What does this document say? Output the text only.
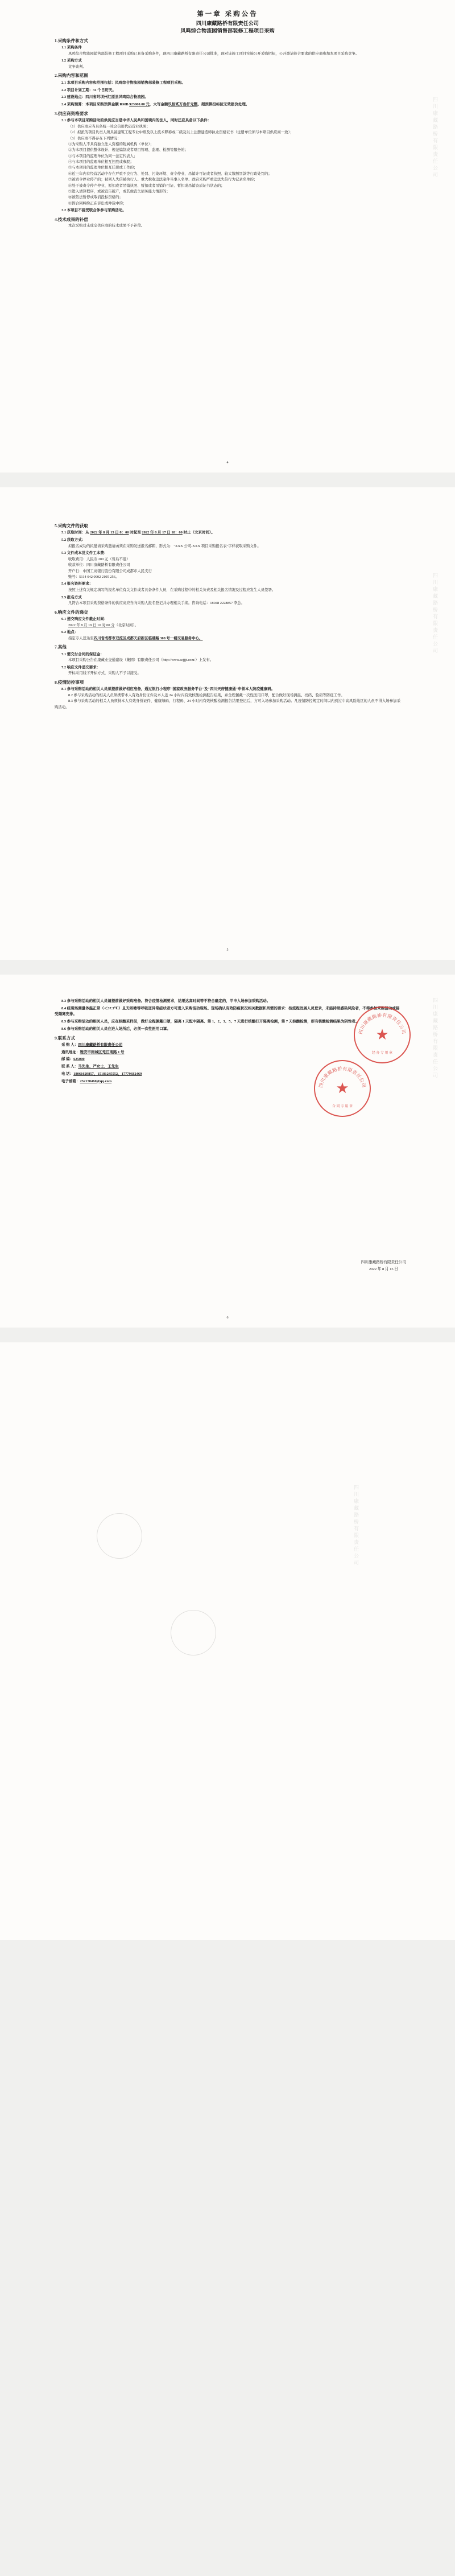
四川康藏路桥有限责任公司
第一章 采购公告
四川康藏路桥有限责任公司
风鸣综合物流园销售部装修工程项目采购
1.采购条件和方式
1.1 采购条件

风鸣综合物流园销售部装修工程项目采购已具备采购条件，现四川康藏路桥有限责任公司批准，现对该施工项目实施公开采购招标，公开邀请符合要求的供应商参加本项目采购竞争。

1.2 采购方式

竞争谈判。

2.采购内容和范围
2.1 本项目采购内容和范围包括：风鸣综合物流园销售部装修工程项目采购。
2.2 项目计划工期：31 个日历天。
2.3 建设地点：四川省阿坝州红原县风鸣综合物流园。
2.4 采购预算：本项目采购预算金额 RMB 923000.00 元，大写金额玖拾贰万叁仟元整。超预算投标按无效报价处理。
3.供应商资格要求
3.1 参与本项目采购活动的供货应当是中华人民共和国境内的法人，同时还应具备以下条件：

（1）供应商应当具备统一社会信用代码营业执照；

（2）拟派的项目负责人须具备建筑工程专业中级及以上技术职称或二级及以上注册建造师执业资格证书（注册单位须与本项目供应商一致）；

（3）供应商不得存在下列情况：

①为采购人不具有独立法人资格的附属机构（单位）；

②为本项目提供整体设计、规范编制或者项目管理、监理、检测等服务的；

③与本项目的监理单位为同一法定代表人；

④与本项目的监理单位相互控股或参股；

⑤与本项目的监理单位相互任职或工作的；

⑥近三年内有经营活动中存在严重不良行为、处罚、污染环境、责令停业、吊销许可证或者执照、较大数额罚款等行政处罚的；

⑦被责令停业停产的；被列入失信被执行人、重大税收违法案件当事人名单、政府采购严重违法失信行为记录名单的；

⑧处于被责令停产停业、暂扣或者吊销执照、暂扣或者吊销许可证、暂扣或吊销资质证书状态的；

⑨进入清算程序，或被宣告破产，或其他丧失债务能力情形的；

⑩被依法暂停或取消投标资格的；

⑪因合同纠纷正在诉讼或仲裁中的；

3.2 本项目不接受联合体参与采购活动。
4.技术成果的补偿

本次采购对未成交供应商的技术成果不予补偿。

4
四川康藏路桥有限责任公司
5.采购文件的获取
5.1 获取时间：从 2022 年 8 月 15 日 8：00 时起至 2022 年 8 月 17 日 18：00 时止（北京时间）。
5.2 获取方式：

拟报名成功的拟邀请采购邀请函须在采购发送报名邮箱，形式为："XXX 公司-XXX 项目采购报名表"字样获取采购文件。

5.3 文件成本及文件工本费：

收取费用：人民币 200 元（售后不退）

收款单位：四川康藏路桥有限责任公司

开户行：中国工商银行股份有限公司成都市人民支行

账号：5114 042 0902 2105 256。

5.4 报名资料要求：

按照上述有关规定填写的报名单位有关文件或者具备条件人员，在采购过程中的相关负责及相关报名情况及过程应发生人员签署。

5.5 报名方式

凡符合本项目采购资格条件的供应商应当向采购人报名登记并办理相关手续。咨询电话：18048 2228857 李总。

6.响应文件的递交
6.1 递交响应文件截止时间：

2022 年 8 月 19 日 10 时 00 分（北京时间）。

6.2 地点：

指定专人送达至四川省成都市双流区成都天府新区临港路 308 号一楼交易服务中心。

7.其他
7.1 需交付合同的保证金：

本项目采购公告在康藏业交通建设（集团）有限责任公司（http://www.scjjjt.com/）上发布。

7.2 响应文件递交要求：

开标采用线下开标方式，采购人不予以接受。

8.疫情防控事项
8.1 参与采购活动的相关人员须提前做好相应准备，通过银行小程序"国家政务服务平台"及"四川天府健康通"申领本人防疫健康码。

8.2 参与采购活动的相关人员须携带本人有效身份证件及本人近 24 小时内有效核酸检测报告结果，并全程佩戴一次性医用口罩，配合做好现场测温、亮码、验码等防疫工作。

8.3 参与采购活动的相关人员须持本人有效身份证件、健康绿码、行程码、24 小时内有效核酸检测报告结果登记后，方可入场参加采购活动。凡疫情防控规定时间以内到过中高风险地区的人员不得入场参加采购活动。

5
四川康藏路桥有限责任公司
8.3 参与采购活动的相关人员请提前做好采购准备。符合疫情检测要求，结果达高时间等不符合确定的，甲申入场参加采购活动。
8.4 经现场测量体温正常（＜37.3℃）且无咳嗽等呼吸道异常症状者方可进入采购活动现场。现场确认有效防疫状况相关数据和所需的要求：按流程发展人员登录，未能持续感染风险者，不得参加采购活动或接受隔离安排。
8.5 参与采购活动的相关人员，应在核酸采样前，做好全程佩戴口罩，隔离 1 天配中隔离、第 1、2、3、5、7 天进行核酸打开隔离检测，第 7 天核酸检测，所有核酸检测结果为阴性者。
8.6 参与采购活动的相关人员在进入场所后，必须一次性医用口罩。
9.联系方式
采 购 人：四川康藏路桥有限责任公司
通讯地址：雅安市雨城区羌江南路 1 号
邮 编：625000
联 系 人：马先生、严女士、王先生
电 话：18061629857、15181245552、17779682469
电子邮箱：252178460@qq.com
四川康藏路桥有限责任公司
★
经 办 专 用 章
四川康藏路桥有限责任公司
★
合 同 专 用 章
四川康藏路桥有限责任公司
2022 年 8 月 15 日
6
四川康藏路桥有限责任公司
